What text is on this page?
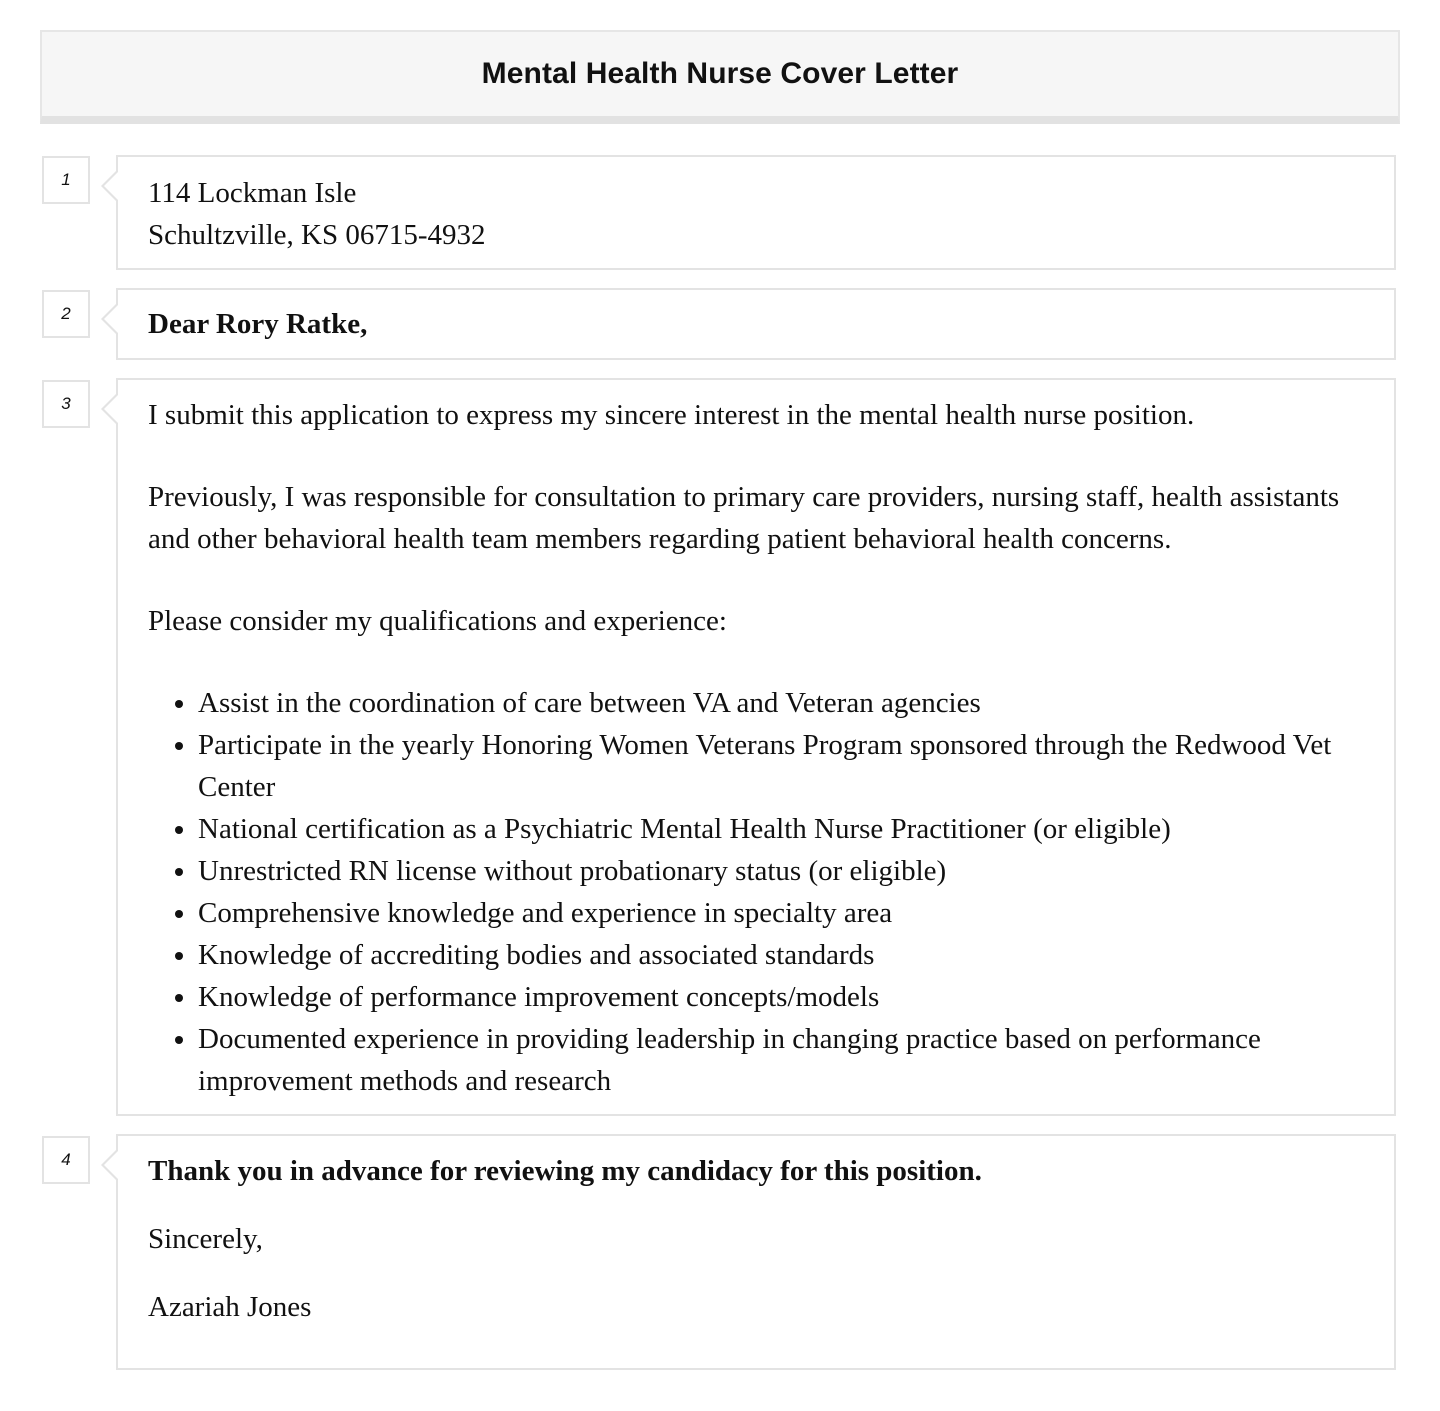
Mental Health Nurse Cover Letter
1	114 Lockman Isle

Schultzville, KS 06715-4932

2	Dear Rory Ratke,

3	I submit this application to express my sincere interest in the mental health nurse position.

Previously, I was responsible for consultation to primary care providers, nursing staff, health assistants and other behavioral health team members regarding patient behavioral health concerns.

Please consider my qualifications and experience:

• Assist in the coordination of care between VA and Veteran agencies
• Participate in the yearly Honoring Women Veterans Program sponsored through the Redwood Vet Center
• National certification as a Psychiatric Mental Health Nurse Practitioner (or eligible)
• Unrestricted RN license without probationary status (or eligible)
• Comprehensive knowledge and experience in specialty area
• Knowledge of accrediting bodies and associated standards
• Knowledge of performance improvement concepts/models
• Documented experience in providing leadership in changing practice based on performance improvement methods and research
4	Thank you in advance for reviewing my candidacy for this position.

Sincerely,

Azariah Jones
